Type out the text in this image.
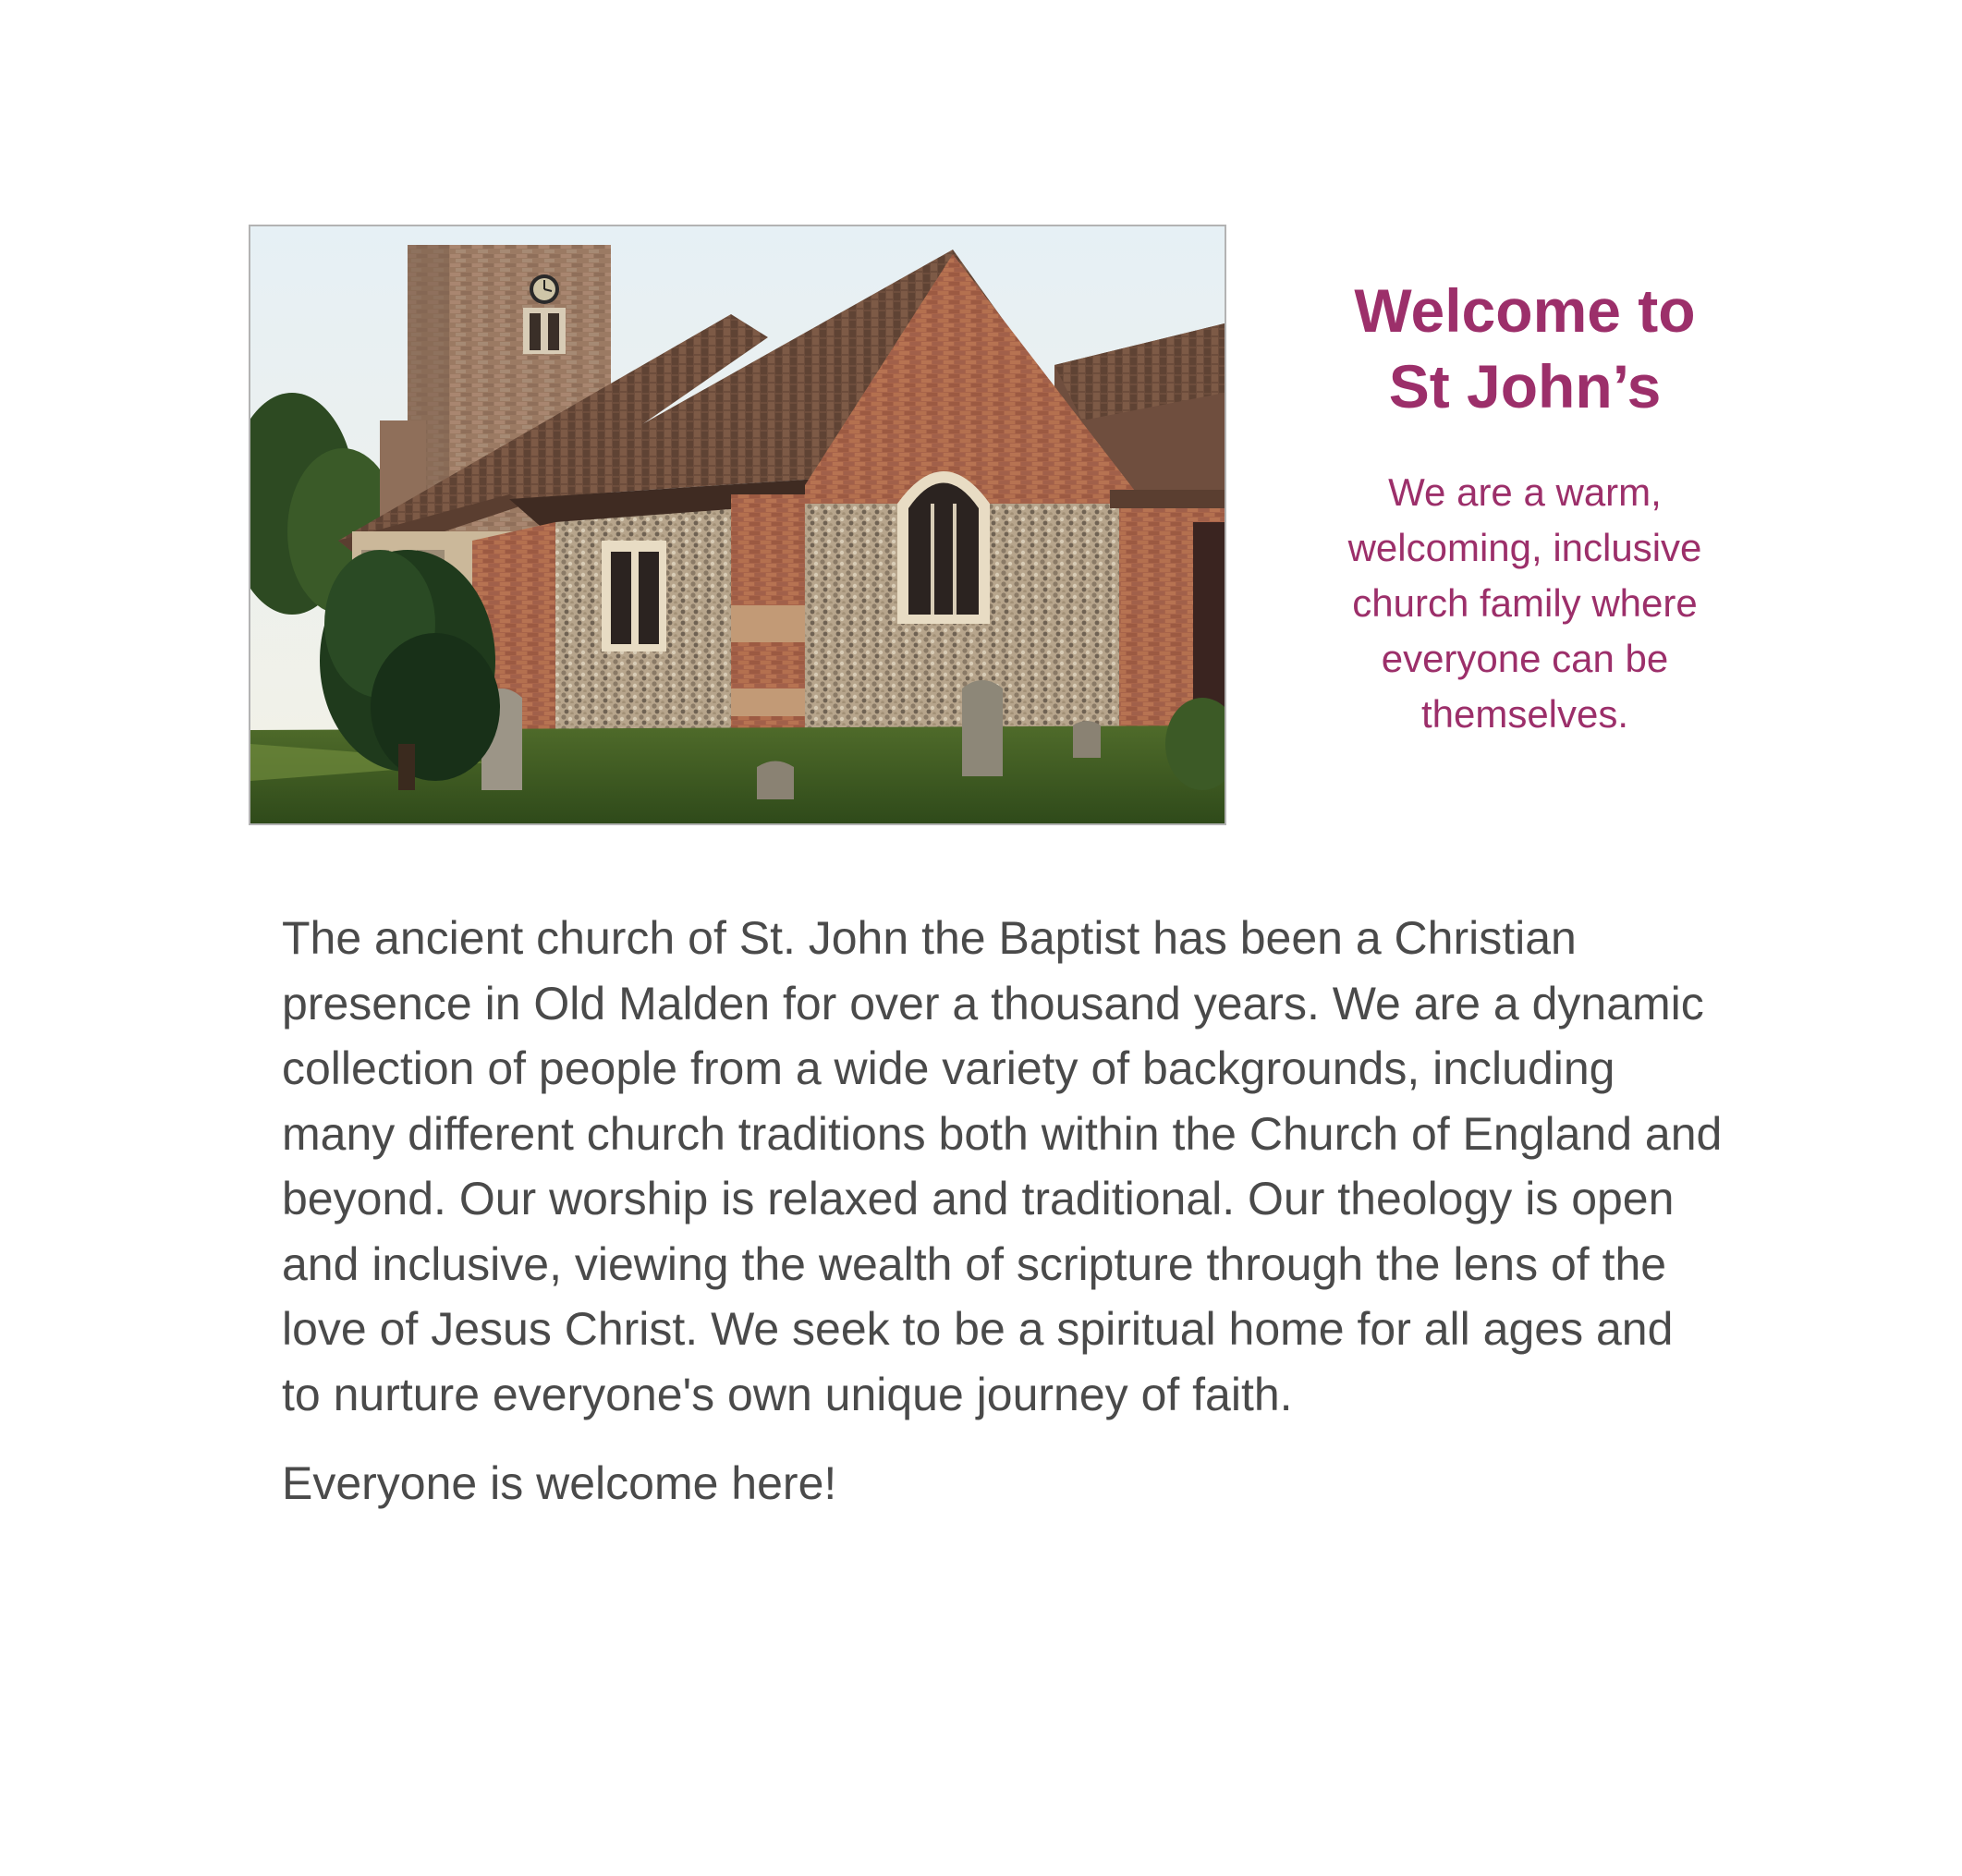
Welcome to
St John’s

We are a warm, welcoming, inclusive church family where everyone can be themselves.

The ancient church of St. John the Baptist has been a Christian presence in Old Malden for over a thousand years. We are a dynamic collection of people from a wide variety of backgrounds, including many different church traditions both within the Church of England and beyond. Our worship is relaxed and traditional. Our theology is open and inclusive, viewing the wealth of scripture through the lens of the love of Jesus Christ. We seek to be a spiritual home for all ages and to nurture everyone's own unique journey of faith.

Everyone is welcome here!
